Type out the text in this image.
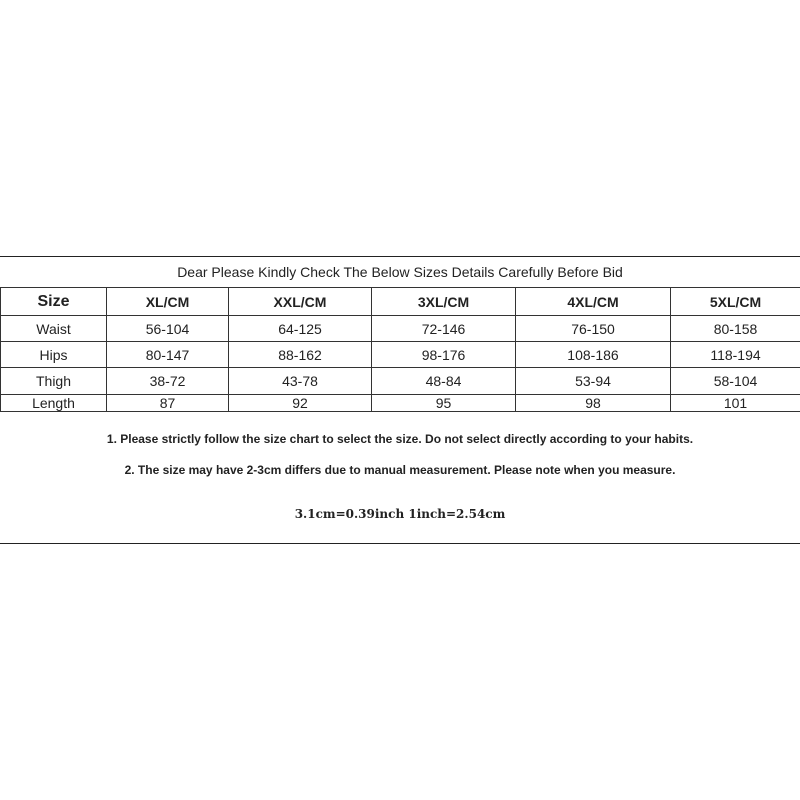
Dear Please Kindly Check The Below Sizes Details Carefully Before Bid
Size	XL/CM	XXL/CM	3XL/CM	4XL/CM	5XL/CM
Waist	56-104	64-125	72-146	76-150	80-158
Hips	80-147	88-162	98-176	108-186	118-194
Thigh	38-72	43-78	48-84	53-94	58-104
Length	87	92	95	98	101
1. Please strictly follow the size chart to select the size. Do not select directly according to your habits.
2. The size may have 2-3cm differs due to manual measurement. Please note when you measure.
3.1cm=0.39inch 1inch=2.54cm
